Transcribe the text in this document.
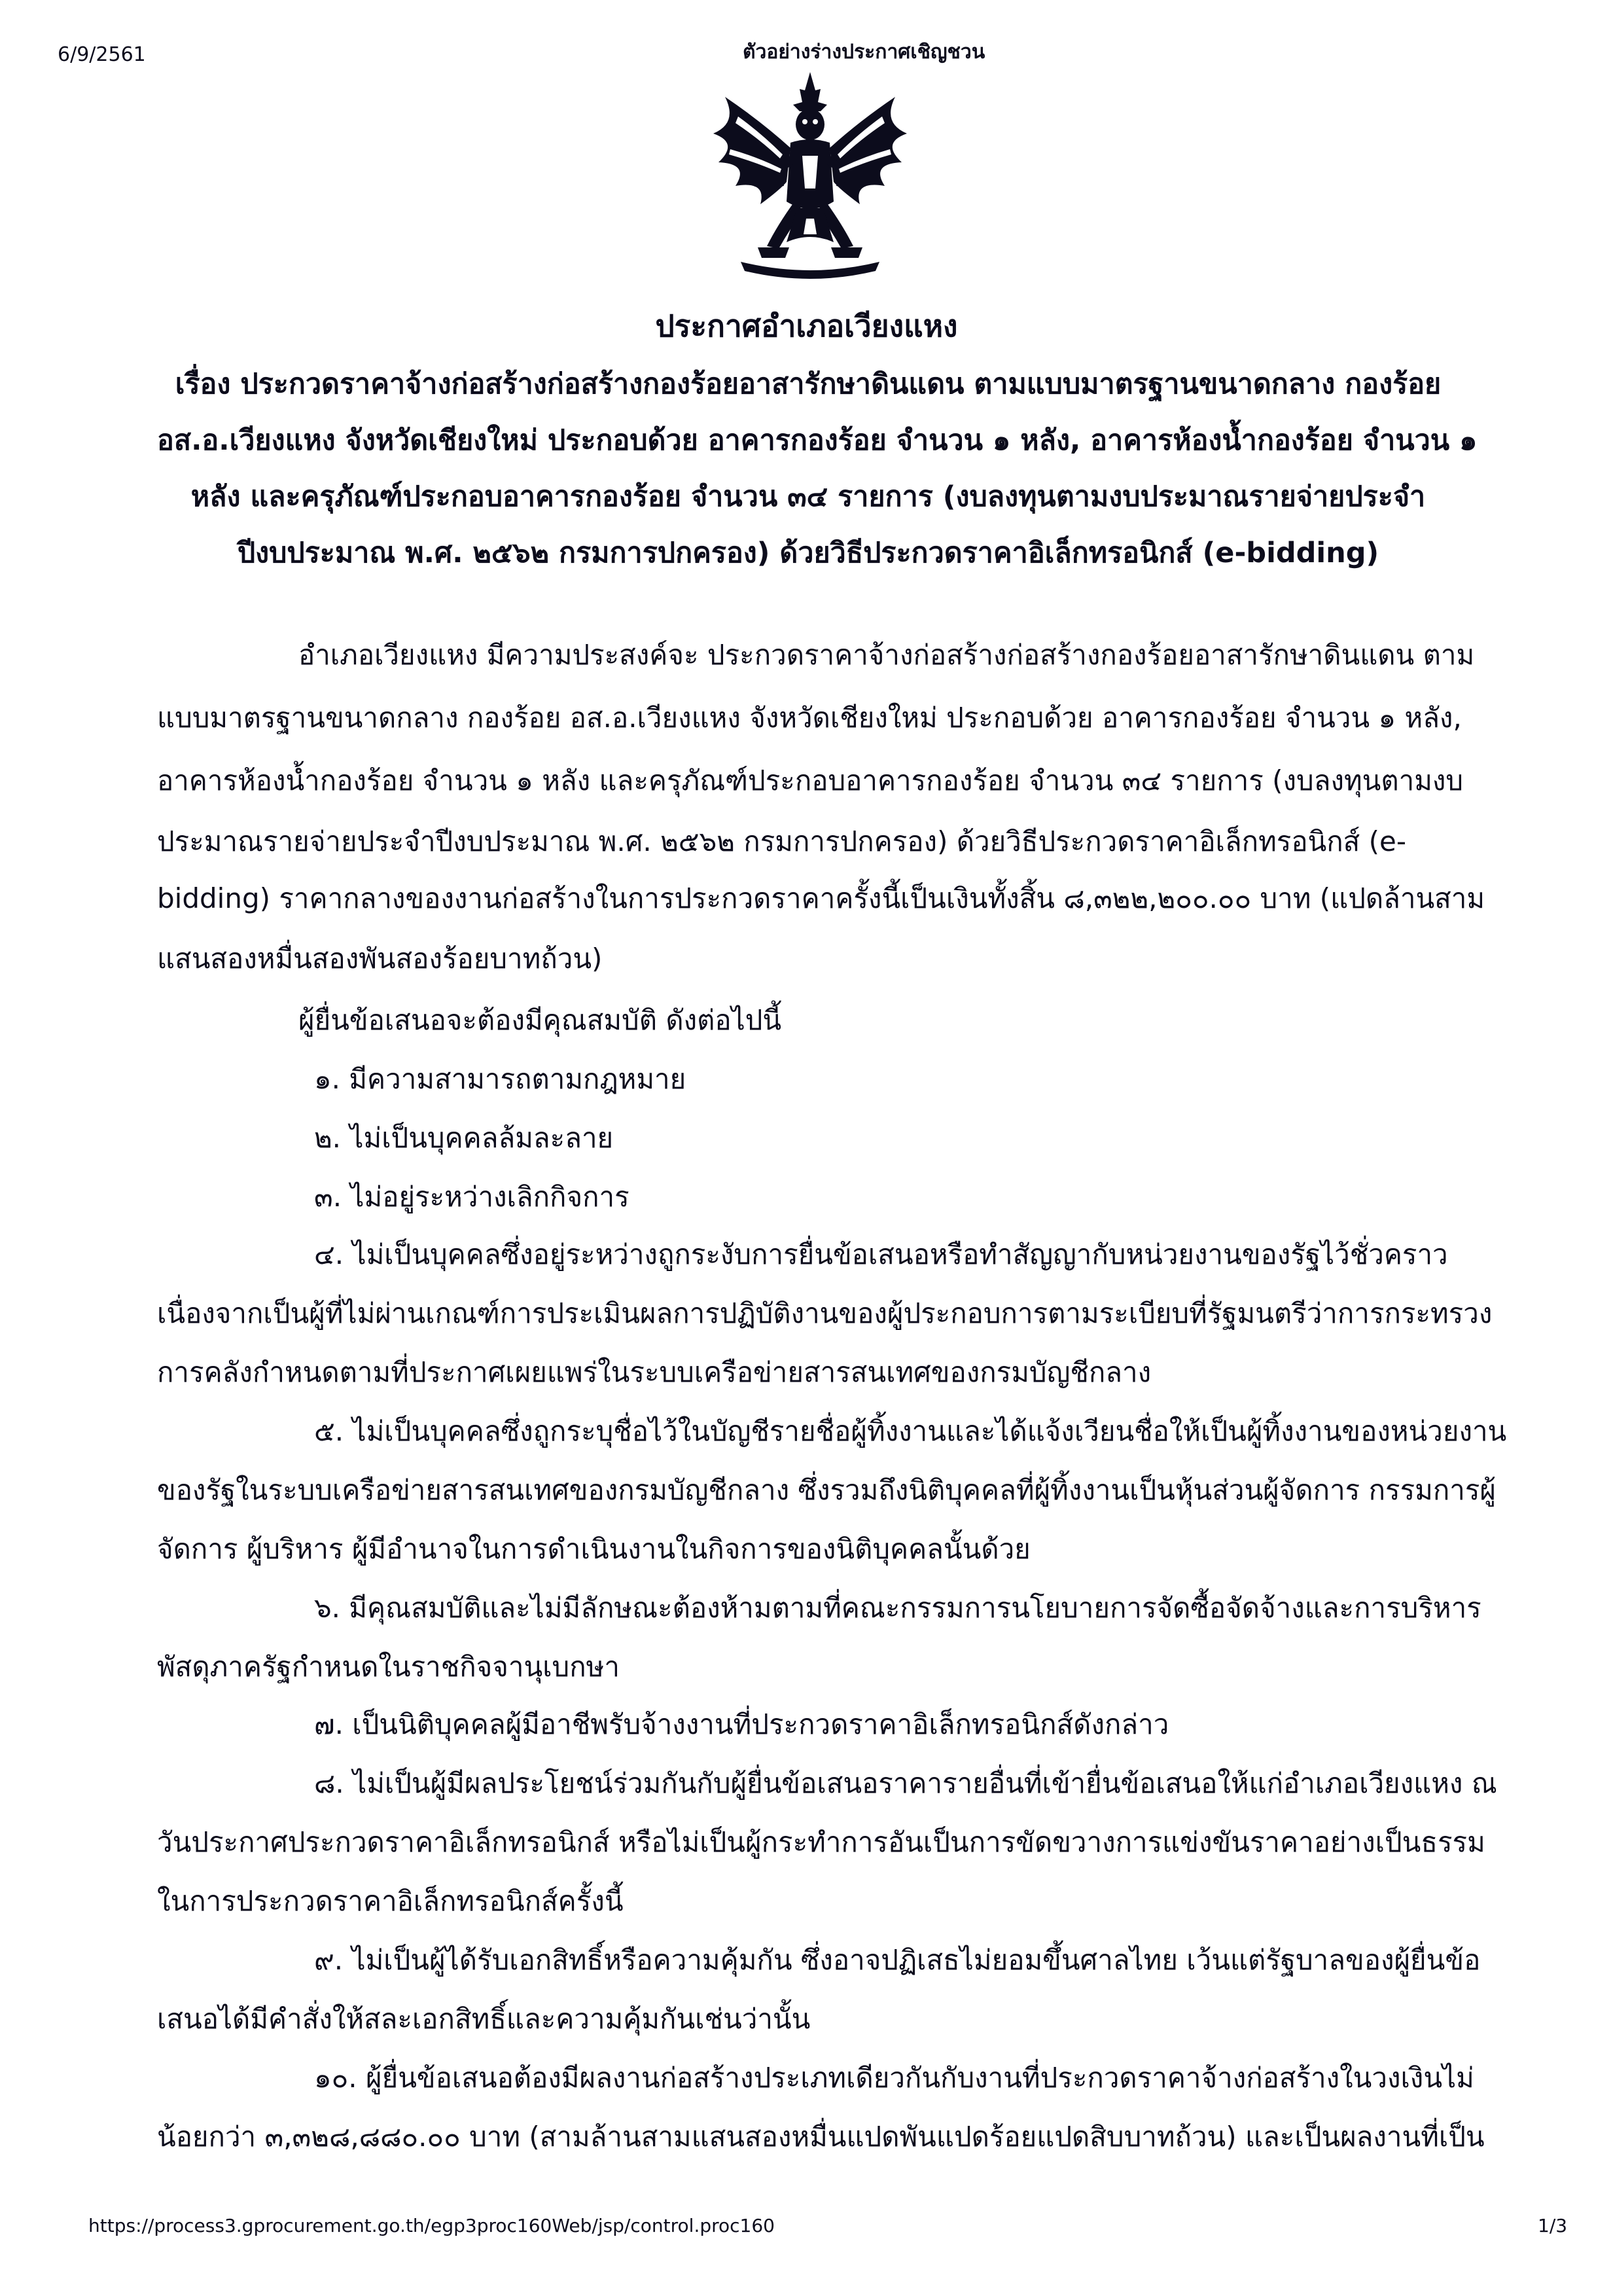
6/9/2561	ตัวอย่างร่างประกาศเชิญชวน
ประกาศอำเภอเวียงแหง
เรื่อง ประกวดราคาจ้างก่อสร้างก่อสร้างกองร้อยอาสารักษาดินแดน ตามแบบมาตรฐานขนาดกลาง กองร้อย
อส.อ.เวียงแหง จังหวัดเชียงใหม่ ประกอบด้วย อาคารกองร้อย จำนวน ๑ หลัง, อาคารห้องน้ำกองร้อย จำนวน ๑
หลัง และครุภัณฑ์ประกอบอาคารกองร้อย จำนวน ๓๔ รายการ (งบลงทุนตามงบประมาณรายจ่ายประจำ
ปีงบประมาณ พ.ศ. ๒๕๖๒ กรมการปกครอง) ด้วยวิธีประกวดราคาอิเล็กทรอนิกส์ (e-bidding)
อำเภอเวียงแหง มีความประสงค์จะ ประกวดราคาจ้างก่อสร้างก่อสร้างกองร้อยอาสารักษาดินแดน ตาม
แบบมาตรฐานขนาดกลาง กองร้อย อส.อ.เวียงแหง จังหวัดเชียงใหม่ ประกอบด้วย อาคารกองร้อย จำนวน ๑ หลัง,
อาคารห้องน้ำกองร้อย จำนวน ๑ หลัง และครุภัณฑ์ประกอบอาคารกองร้อย จำนวน ๓๔ รายการ (งบลงทุนตามงบ
ประมาณรายจ่ายประจำปีงบประมาณ พ.ศ. ๒๕๖๒ กรมการปกครอง) ด้วยวิธีประกวดราคาอิเล็กทรอนิกส์ (e-
bidding) ราคากลางของงานก่อสร้างในการประกวดราคาครั้งนี้เป็นเงินทั้งสิ้น ๘,๓๒๒,๒๐๐.๐๐ บาท (แปดล้านสาม
แสนสองหมื่นสองพันสองร้อยบาทถ้วน)
ผู้ยื่นข้อเสนอจะต้องมีคุณสมบัติ ดังต่อไปนี้
๑. มีความสามารถตามกฎหมาย
๒. ไม่เป็นบุคคลล้มละลาย
๓. ไม่อยู่ระหว่างเลิกกิจการ
๔. ไม่เป็นบุคคลซึ่งอยู่ระหว่างถูกระงับการยื่นข้อเสนอหรือทำสัญญากับหน่วยงานของรัฐไว้ชั่วคราว
เนื่องจากเป็นผู้ที่ไม่ผ่านเกณฑ์การประเมินผลการปฏิบัติงานของผู้ประกอบการตามระเบียบที่รัฐมนตรีว่าการกระทรวง
การคลังกำหนดตามที่ประกาศเผยแพร่ในระบบเครือข่ายสารสนเทศของกรมบัญชีกลาง
๕. ไม่เป็นบุคคลซึ่งถูกระบุชื่อไว้ในบัญชีรายชื่อผู้ทิ้งงานและได้แจ้งเวียนชื่อให้เป็นผู้ทิ้งงานของหน่วยงาน
ของรัฐในระบบเครือข่ายสารสนเทศของกรมบัญชีกลาง ซึ่งรวมถึงนิติบุคคลที่ผู้ทิ้งงานเป็นหุ้นส่วนผู้จัดการ กรรมการผู้
จัดการ ผู้บริหาร ผู้มีอำนาจในการดำเนินงานในกิจการของนิติบุคคลนั้นด้วย
๖. มีคุณสมบัติและไม่มีลักษณะต้องห้ามตามที่คณะกรรมการนโยบายการจัดซื้อจัดจ้างและการบริหาร
พัสดุภาครัฐกำหนดในราชกิจจานุเบกษา
๗. เป็นนิติบุคคลผู้มีอาชีพรับจ้างงานที่ประกวดราคาอิเล็กทรอนิกส์ดังกล่าว
๘. ไม่เป็นผู้มีผลประโยชน์ร่วมกันกับผู้ยื่นข้อเสนอราคารายอื่นที่เข้ายื่นข้อเสนอให้แก่อำเภอเวียงแหง ณ
วันประกาศประกวดราคาอิเล็กทรอนิกส์ หรือไม่เป็นผู้กระทำการอันเป็นการขัดขวางการแข่งขันราคาอย่างเป็นธรรม
ในการประกวดราคาอิเล็กทรอนิกส์ครั้งนี้
๙. ไม่เป็นผู้ได้รับเอกสิทธิ์หรือความคุ้มกัน ซึ่งอาจปฏิเสธไม่ยอมขึ้นศาลไทย เว้นแต่รัฐบาลของผู้ยื่นข้อ
เสนอได้มีคำสั่งให้สละเอกสิทธิ์และความคุ้มกันเช่นว่านั้น
๑๐. ผู้ยื่นข้อเสนอต้องมีผลงานก่อสร้างประเภทเดียวกันกับงานที่ประกวดราคาจ้างก่อสร้างในวงเงินไม่
น้อยกว่า ๓,๓๒๘,๘๘๐.๐๐ บาท (สามล้านสามแสนสองหมื่นแปดพันแปดร้อยแปดสิบบาทถ้วน) และเป็นผลงานที่เป็น
https://process3.gprocurement.go.th/egp3proc160Web/jsp/control.proc160	1/3
